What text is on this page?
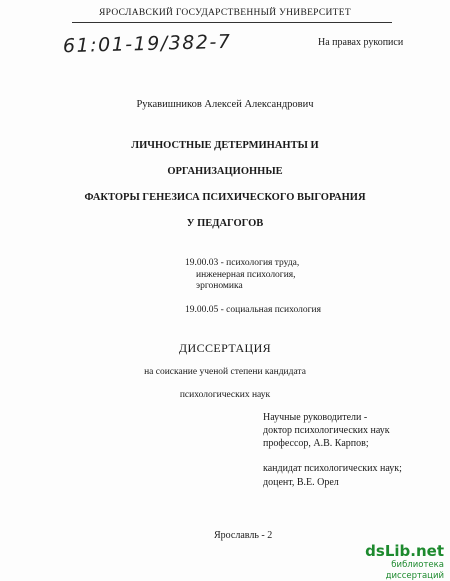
ЯРОСЛАВСКИЙ ГОСУДАРСТВЕННЫЙ УНИВЕРСИТЕТ
61:01-19/382-7	На правах рукописи
Рукавишников Алексей Александрович
ЛИЧНОСТНЫЕ ДЕТЕРМИНАНТЫ И
ОРГАНИЗАЦИОННЫЕ
ФАКТОРЫ ГЕНЕЗИСА ПСИХИЧЕСКОГО ВЫГОРАНИЯ
У ПЕДАГОГОВ
19.00.03 - психология труда,
инженерная психология,
эргономика
19.00.05 - социальная психология
ДИССЕРТАЦИЯ
на соискание ученой степени кандидата
психологических наук
Научные руководители -
доктор психологических наук
профессор, А.В. Карпов;
кандидат психологических наук;
доцент, В.Е. Орел
Ярославль - 2
dsLib.net
библиотека диссертаций
